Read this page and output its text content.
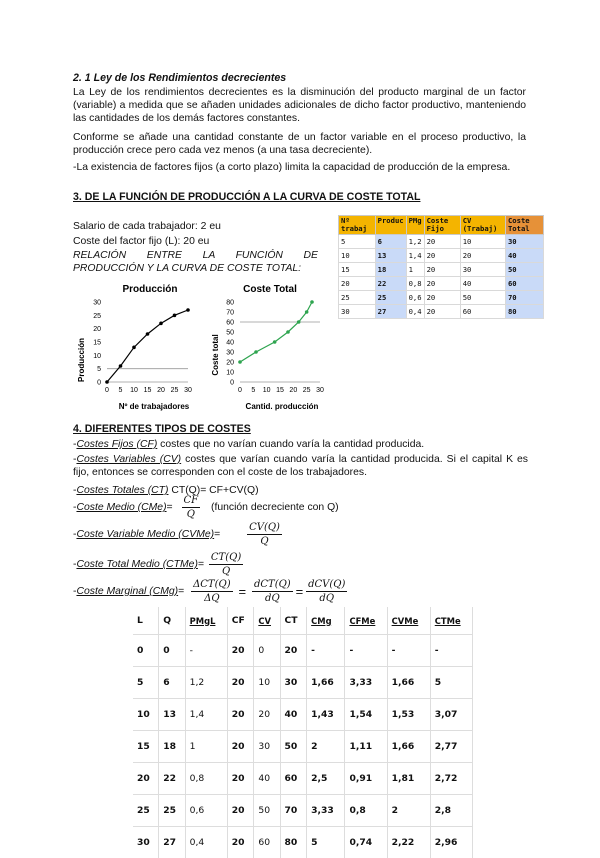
2. 1 Ley de los Rendimientos decrecientes
La Ley de los rendimientos decrecientes es la disminución del producto marginal de un factor (variable) a medida que se añaden unidades adicionales de dicho factor productivo, manteniendo las cantidades de los demás factores constantes.
Conforme se añade una cantidad constante de un factor variable en el proceso productivo, la producción crece pero cada vez menos (a una tasa decreciente).
-La existencia de factores fijos (a corto plazo) limita la capacidad de producción de la empresa.
3. DE LA FUNCIÓN DE PRODUCCIÓN A LA CURVA DE COSTE TOTAL
Salario de cada trabajador: 2 eu
Coste del factor fijo (L): 20 eu
RELACIÓN ENTRE LA FUNCIÓN DE PRODUCCIÓN Y LA CURVA DE COSTE TOTAL:
Nº trabaj	Produc	PMg	Coste Fijo	CV (Trabaj)	Coste Total
5	6	1,2	20	10	30
10	13	1,4	20	20	40
15	18	1	20	30	50
20	22	0,8	20	40	60
25	25	0,6	20	50	70
30	27	0,4	20	60	80
Producción
Producción
Nº de trabajadores
0 5 10 15 20 25 30
0
5
10
15
20
25
30
Coste Total
Coste total
Cantid. producción
0 5 10 15 20 25 30
0
10
20
30
40
50
60
70
80
4. DIFERENTES TIPOS DE COSTES
-Costes Fijos (CF) costes que no varían cuando varía la cantidad producida.
-Costes Variables (CV) costes que varían cuando varía la cantidad producida. Si el capital K es fijo, entonces se corresponden con el coste de los trabajadores.
-Costes Totales (CT) CT(Q)= CF+CV(Q)
-Coste Medio $(CMe)= \frac{CF}{Q}$ (función decreciente con Q)
-Coste Variable Medio (CVMe)=	$\frac{CV(Q)}{Q}$
-Coste Total Medio (CTMe)= $\frac{CT(Q)}{Q}$
-Coste Marginal $(CMg)= \frac{\text{ΔCT(Q)}}{\Delta Q} = \frac{\text{dCT(Q)}}{dQ} = \frac{\text{dCV(Q)}}{dQ}$
L	Q	PMgL	CF	CV	CT	CMg	CFMe	CVMe	CTMe
0	0	-	20	0	20	-	-	-	-
5	6	1,2	20	10	30	1,66	3,33	1,66	5
10	13	1,4	20	20	40	1,43	1,54	1,53	3,07
15	18	1	20	30	50	2	1,11	1,66	2,77
20	22	0,8	20	40	60	2,5	0,91	1,81	2,72
25	25	0,6	20	50	70	3,33	0,8	2	2,8
30	27	0,4	20	60	80	5	0,74	2,22	2,96
